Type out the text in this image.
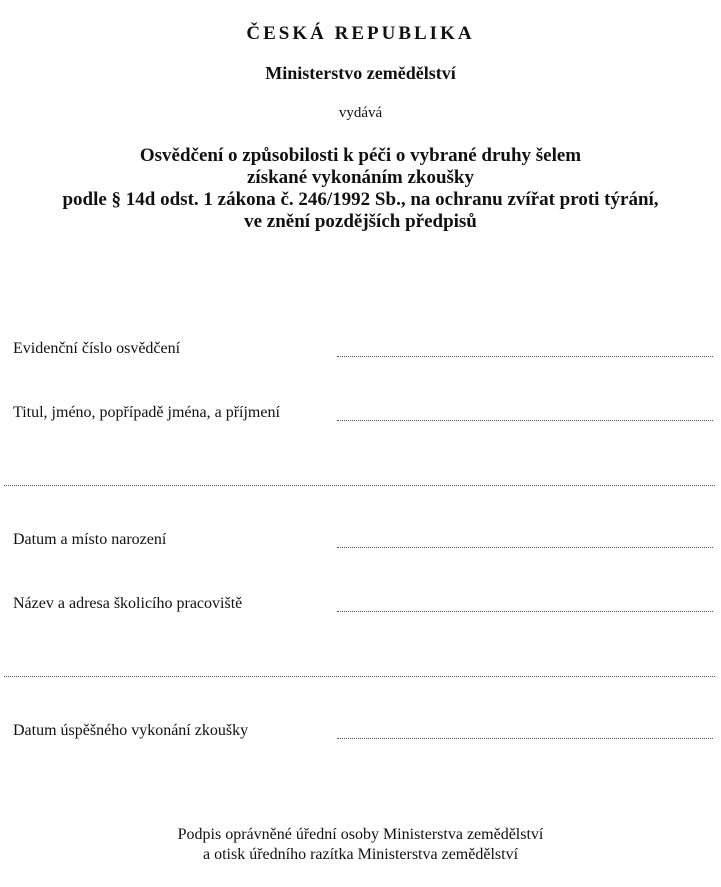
ČESKÁ REPUBLIKA
Ministerstvo zemědělství
vydává
Osvědčení o způsobilosti k péči o vybrané druhy šelem
získané vykonáním zkoušky
podle § 14d odst. 1 zákona č. 246/1992 Sb., na ochranu zvířat proti týrání,
ve znění pozdějších předpisů
Evidenční číslo osvědčení
Titul, jméno, popřípadě jména, a příjmení
Datum a místo narození
Název a adresa školicího pracoviště
Datum úspěšného vykonání zkoušky
Podpis oprávněné úřední osoby Ministerstva zemědělství
a otisk úředního razítka Ministerstva zemědělství
